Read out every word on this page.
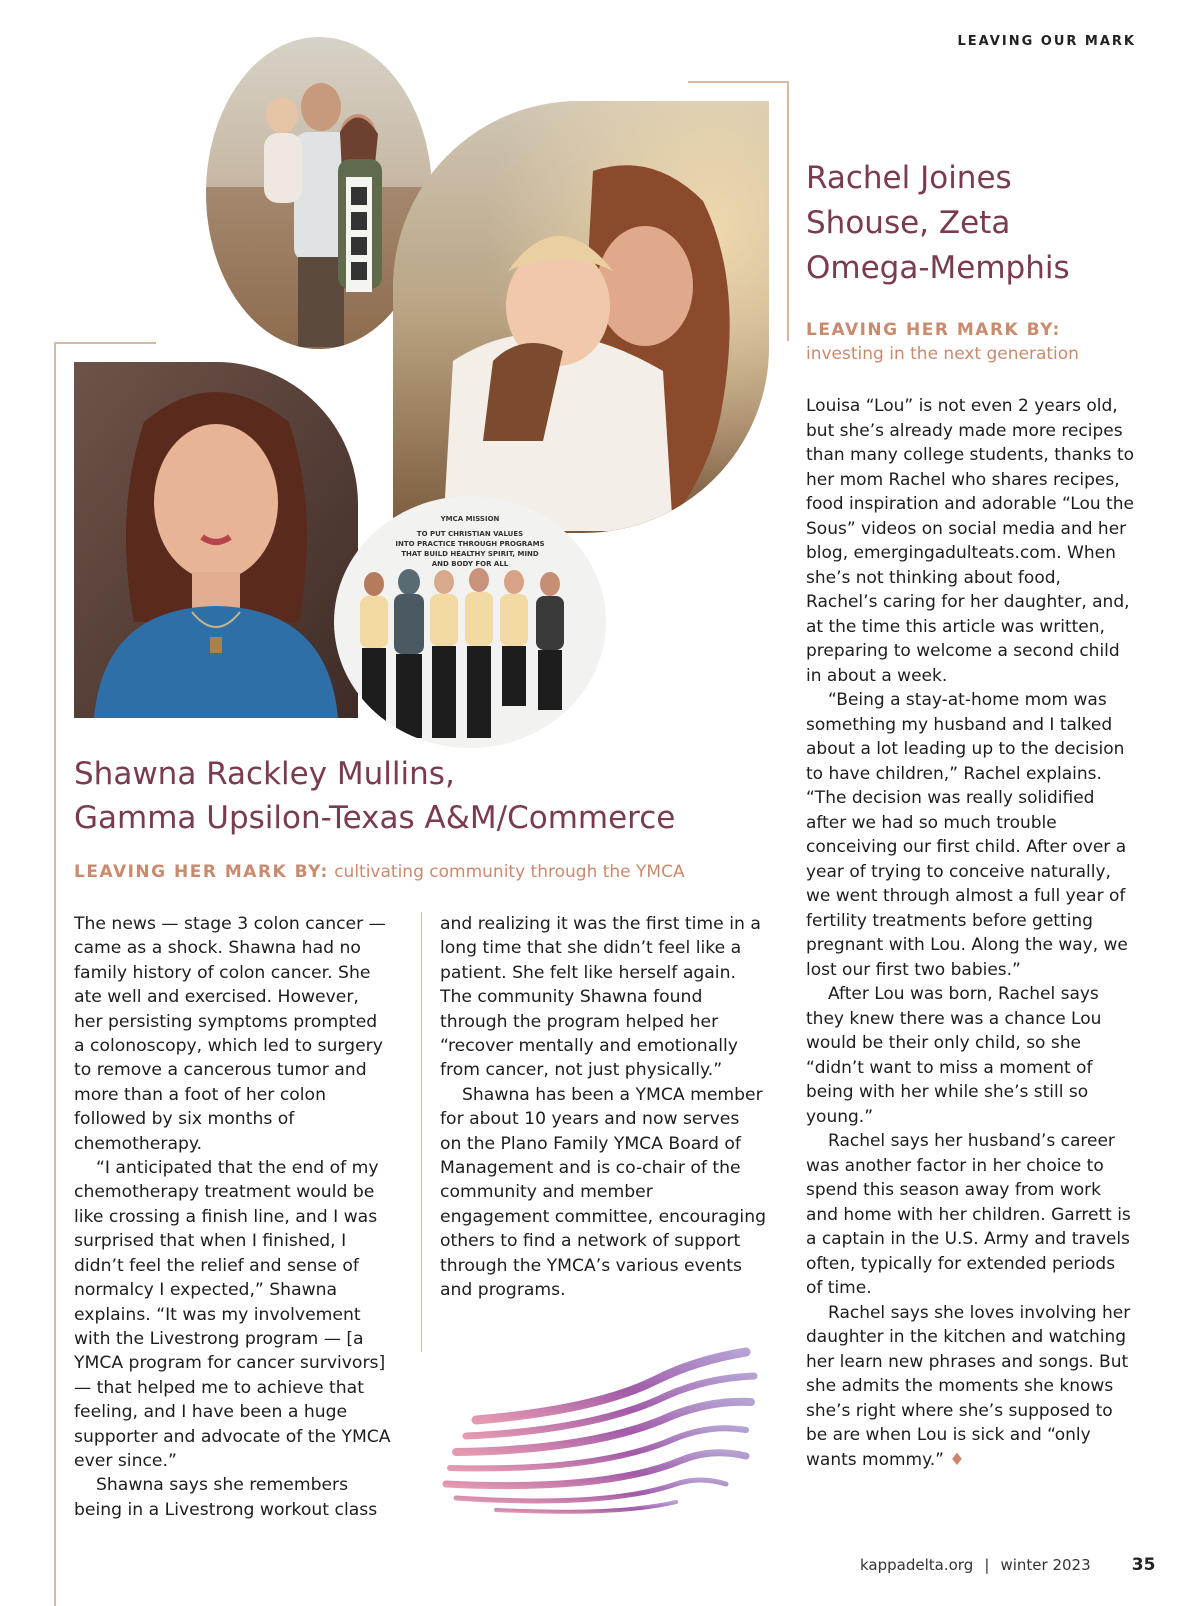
LEAVING OUR MARK
YMCA MISSION
TO PUT CHRISTIAN VALUES
INTO PRACTICE THROUGH PROGRAMS
THAT BUILD HEALTHY SPIRIT, MIND
AND BODY FOR ALL
Shawna Rackley Mullins,
Gamma Upsilon-Texas A&M/Commerce
LEAVING HER MARK BY: cultivating community through the YMCA

The news — stage 3 colon cancer — came as a shock. Shawna had no family history of colon cancer. She ate well and exercised. However, her persisting symptoms prompted a colonoscopy, which led to surgery to remove a cancerous tumor and more than a foot of her colon followed by six months of chemotherapy.

“I anticipated that the end of my chemotherapy treatment would be like crossing a finish line, and I was surprised that when I finished, I didn’t feel the relief and sense of normalcy I expected,” Shawna explains. “It was my involvement with the Livestrong program — [a YMCA program for cancer survivors] — that helped me to achieve that feeling, and I have been a huge supporter and advocate of the YMCA ever since.”

Shawna says she remembers being in a Livestrong workout class

and realizing it was the first time in a long time that she didn’t feel like a patient. She felt like herself again. The community Shawna found through the program helped her “recover mentally and emotionally from cancer, not just physically.”

Shawna has been a YMCA member for about 10 years and now serves on the Plano Family YMCA Board of Management and is co-chair of the community and member engagement committee, encouraging others to find a network of support through the YMCA’s various events and programs.

Rachel Joines
Shouse, Zeta
Omega-Memphis
LEAVING HER MARK BY:
investing in the next generation

Louisa “Lou” is not even 2 years old, but she’s already made more recipes than many college students, thanks to her mom Rachel who shares recipes, food inspiration and adorable “Lou the Sous” videos on social media and her blog, emergingadulteats.com. When she’s not thinking about food, Rachel’s caring for her daughter, and, at the time this article was written, preparing to welcome a second child in about a week.

“Being a stay-at-home mom was something my husband and I talked about a lot leading up to the decision to have children,” Rachel explains. “The decision was really solidified after we had so much trouble conceiving our first child. After over a year of trying to conceive naturally, we went through almost a full year of fertility treatments before getting pregnant with Lou. Along the way, we lost our first two babies.”

After Lou was born, Rachel says they knew there was a chance Lou would be their only child, so she “didn’t want to miss a moment of being with her while she’s still so young.”

Rachel says her husband’s career was another factor in her choice to spend this season away from work and home with her children. Garrett is a captain in the U.S. Army and travels often, typically for extended periods of time.

Rachel says she loves involving her daughter in the kitchen and watching her learn new phrases and songs. But she admits the moments she knows she’s right where she’s supposed to be are when Lou is sick and “only wants mommy.” ♦

kappadelta.org | winter 2023 35
